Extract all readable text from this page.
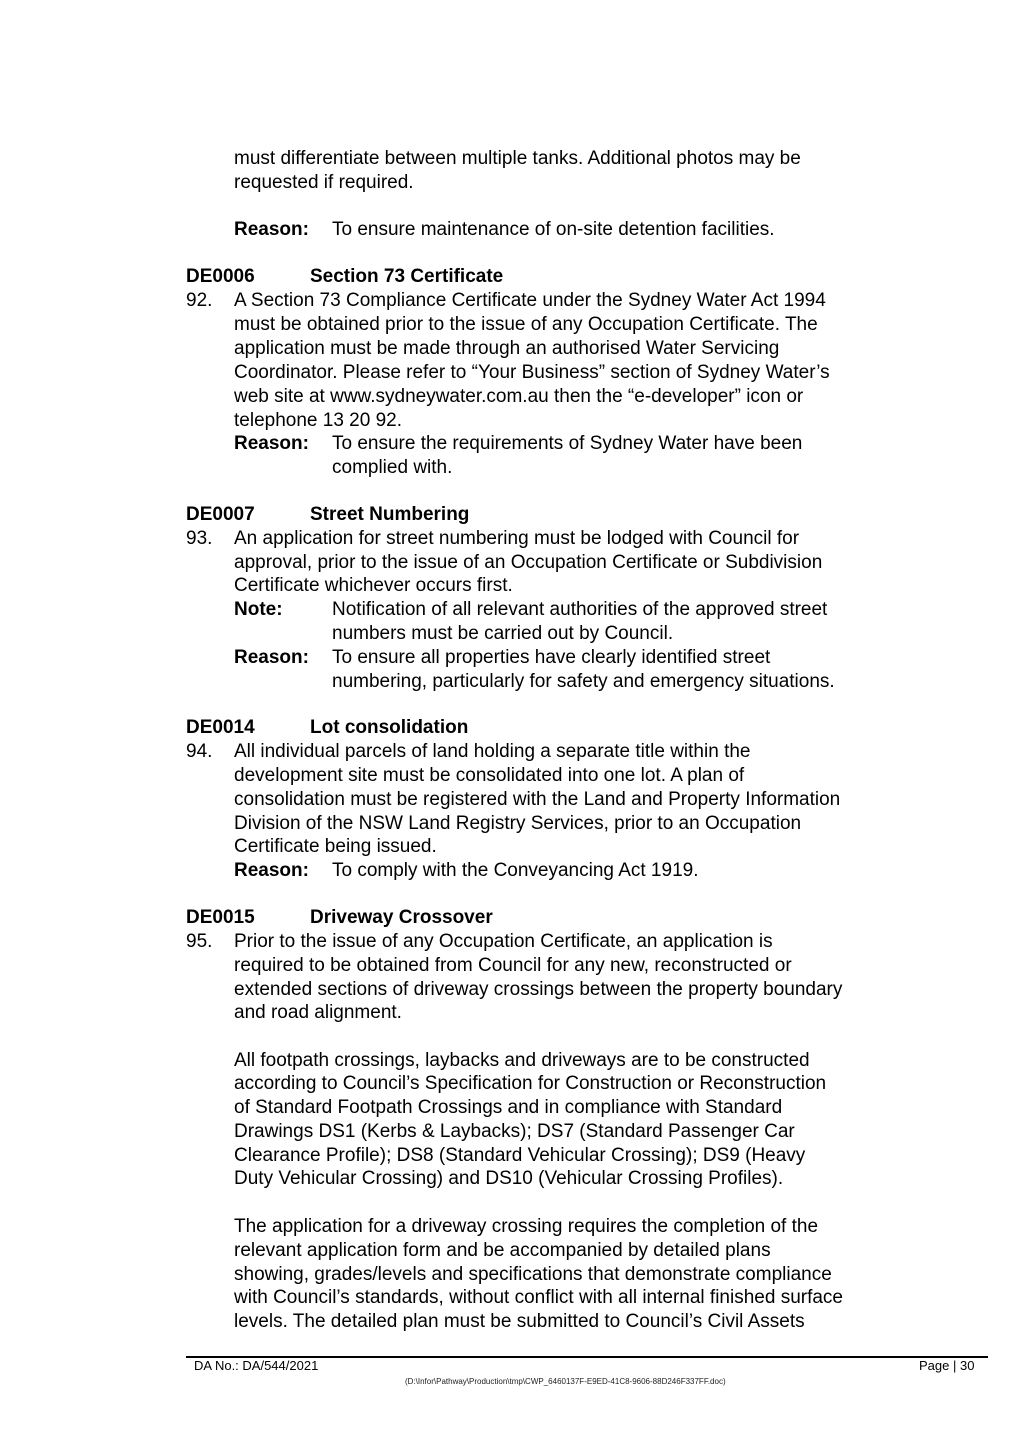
must differentiate between multiple tanks. Additional photos may be
requested if required.
Reason: To ensure maintenance of on-site detention facilities.
DE0006	Section 73 Certificate
92. A Section 73 Compliance Certificate under the Sydney Water Act 1994
must be obtained prior to the issue of any Occupation Certificate. The
application must be made through an authorised Water Servicing
Coordinator. Please refer to “Your Business” section of Sydney Water’s
web site at www.sydneywater.com.au then the “e-developer” icon or
telephone 13 20 92.
Reason: To ensure the requirements of Sydney Water have been
complied with.
DE0007	Street Numbering
93. An application for street numbering must be lodged with Council for
approval, prior to the issue of an Occupation Certificate or Subdivision
Certificate whichever occurs first.
Note:	Notification of all relevant authorities of the approved street
numbers must be carried out by Council.
Reason: To ensure all properties have clearly identified street
numbering, particularly for safety and emergency situations.
DE0014	Lot consolidation
94. All individual parcels of land holding a separate title within the
development site must be consolidated into one lot. A plan of
consolidation must be registered with the Land and Property Information
Division of the NSW Land Registry Services, prior to an Occupation
Certificate being issued.
Reason: To comply with the Conveyancing Act 1919.
DE0015	Driveway Crossover
95. Prior to the issue of any Occupation Certificate, an application is
required to be obtained from Council for any new, reconstructed or
extended sections of driveway crossings between the property boundary
and road alignment.
All footpath crossings, laybacks and driveways are to be constructed
according to Council’s Specification for Construction or Reconstruction
of Standard Footpath Crossings and in compliance with Standard
Drawings DS1 (Kerbs & Laybacks); DS7 (Standard Passenger Car
Clearance Profile); DS8 (Standard Vehicular Crossing); DS9 (Heavy
Duty Vehicular Crossing) and DS10 (Vehicular Crossing Profiles).
The application for a driveway crossing requires the completion of the
relevant application form and be accompanied by detailed plans
showing, grades/levels and specifications that demonstrate compliance
with Council’s standards, without conflict with all internal finished surface
levels. The detailed plan must be submitted to Council’s Civil Assets
DA No.: DA/544/2021	Page | 30
(D:\Infor\Pathway\Production\tmp\CWP_6460137F-E9ED-41C8-9606-88D246F337FF.doc)
